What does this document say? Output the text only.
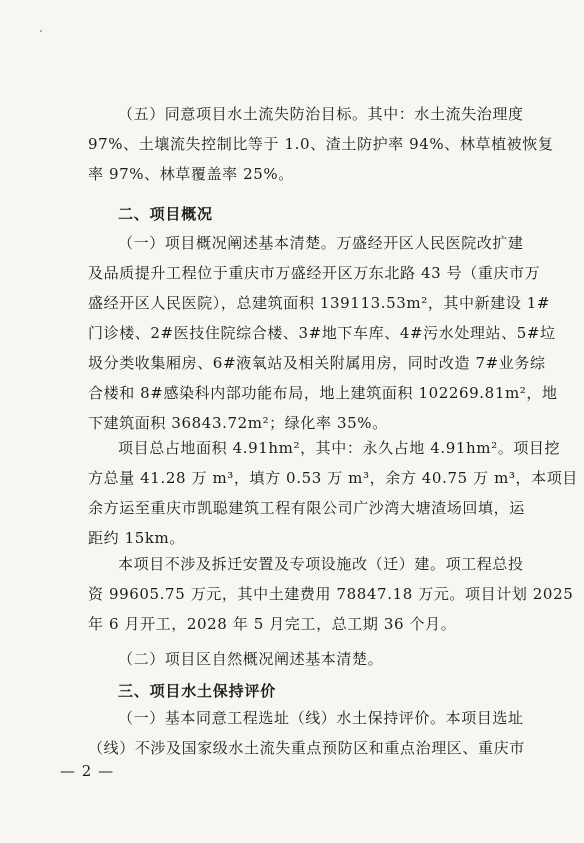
（五）同意项目水土流失防治目标。其中：水土流失治理度
97%、土壤流失控制比等于 1.0、渣土防护率 94%、林草植被恢复
率 97%、林草覆盖率 25%。

二、项目概况

（一）项目概况阐述基本清楚。万盛经开区人民医院改扩建
及品质提升工程位于重庆市万盛经开区万东北路 43 号（重庆市万
盛经开区人民医院），总建筑面积 139113.53m²，其中新建设 1#
门诊楼、2#医技住院综合楼、3#地下车库、4#污水处理站、5#垃
圾分类收集厢房、6#液氧站及相关附属用房，同时改造 7#业务综
合楼和 8#感染科内部功能布局，地上建筑面积 102269.81m²，地
下建筑面积 36843.72m²；绿化率 35%。

项目总占地面积 4.91hm²，其中：永久占地 4.91hm²。项目挖
方总量 41.28 万 m³，填方 0.53 万 m³，余方 40.75 万 m³，本项目
余方运至重庆市凯聪建筑工程有限公司广沙湾大塘渣场回填，运
距约 15km。

本项目不涉及拆迁安置及专项设施改（迁）建。项工程总投
资 99605.75 万元，其中土建费用 78847.18 万元。项目计划 2025
年 6 月开工，2028 年 5 月完工，总工期 36 个月。

（二）项目区自然概况阐述基本清楚。

三、项目水土保持评价

（一）基本同意工程选址（线）水土保持评价。本项目选址
（线）不涉及国家级水土流失重点预防区和重点治理区、重庆市

— 2 —
